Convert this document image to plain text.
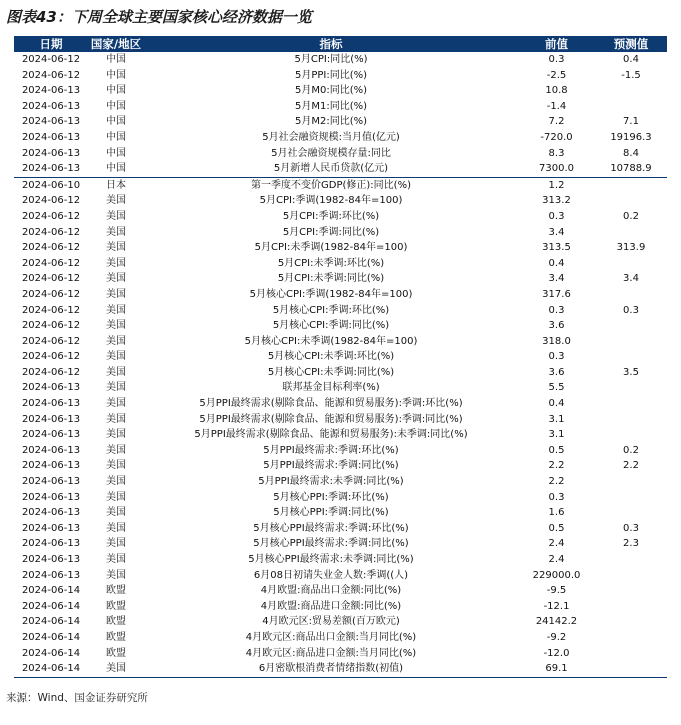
图表43：下周全球主要国家核心经济数据一览
日期	国家/地区	指标	前值	预测值
2024-06-12	中国	5月CPI:同比(%)	0.3	0.4
2024-06-12	中国	5月PPI:同比(%)	-2.5	-1.5
2024-06-13	中国	5月M0:同比(%)	10.8
2024-06-13	中国	5月M1:同比(%)	-1.4
2024-06-13	中国	5月M2:同比(%)	7.2	7.1
2024-06-13	中国	5月社会融资规模:当月值(亿元)	-720.0	19196.3
2024-06-13	中国	5月社会融资规模存量:同比	8.3	8.4
2024-06-13	中国	5月新增人民币贷款(亿元)	7300.0	10788.9
2024-06-10	日本	第一季度不变价GDP(修正):同比(%)	1.2
2024-06-12	美国	5月CPI:季调(1982-84年=100)	313.2
2024-06-12	美国	5月CPI:季调:环比(%)	0.3	0.2
2024-06-12	美国	5月CPI:季调:同比(%)	3.4
2024-06-12	美国	5月CPI:未季调(1982-84年=100)	313.5	313.9
2024-06-12	美国	5月CPI:未季调:环比(%)	0.4
2024-06-12	美国	5月CPI:未季调:同比(%)	3.4	3.4
2024-06-12	美国	5月核心CPI:季调(1982-84年=100)	317.6
2024-06-12	美国	5月核心CPI:季调:环比(%)	0.3	0.3
2024-06-12	美国	5月核心CPI:季调:同比(%)	3.6
2024-06-12	美国	5月核心CPI:未季调(1982-84年=100)	318.0
2024-06-12	美国	5月核心CPI:未季调:环比(%)	0.3
2024-06-12	美国	5月核心CPI:未季调:同比(%)	3.6	3.5
2024-06-13	美国	联邦基金目标利率(%)	5.5
2024-06-13	美国	5月PPI最终需求(剔除食品、能源和贸易服务):季调:环比(%)	0.4
2024-06-13	美国	5月PPI最终需求(剔除食品、能源和贸易服务):季调:同比(%)	3.1
2024-06-13	美国	5月PPI最终需求(剔除食品、能源和贸易服务):未季调:同比(%)	3.1
2024-06-13	美国	5月PPI最终需求:季调:环比(%)	0.5	0.2
2024-06-13	美国	5月PPI最终需求:季调:同比(%)	2.2	2.2
2024-06-13	美国	5月PPI最终需求:未季调:同比(%)	2.2
2024-06-13	美国	5月核心PPI:季调:环比(%)	0.3
2024-06-13	美国	5月核心PPI:季调:同比(%)	1.6
2024-06-13	美国	5月核心PPI最终需求:季调:环比(%)	0.5	0.3
2024-06-13	美国	5月核心PPI最终需求:季调:同比(%)	2.4	2.3
2024-06-13	美国	5月核心PPI最终需求:未季调:同比(%)	2.4
2024-06-13	美国	6月08日初请失业金人数:季调((人)	229000.0
2024-06-14	欧盟	4月欧盟:商品出口金额:同比(%)	-9.5
2024-06-14	欧盟	4月欧盟:商品进口金额:同比(%)	-12.1
2024-06-14	欧盟	4月欧元区:贸易差额(百万欧元)	24142.2
2024-06-14	欧盟	4月欧元区:商品出口金额:当月同比(%)	-9.2
2024-06-14	欧盟	4月欧元区:商品进口金额:当月同比(%)	-12.0
2024-06-14	美国	6月密歇根消费者情绪指数(初值)	69.1
来源：Wind、国金证券研究所
